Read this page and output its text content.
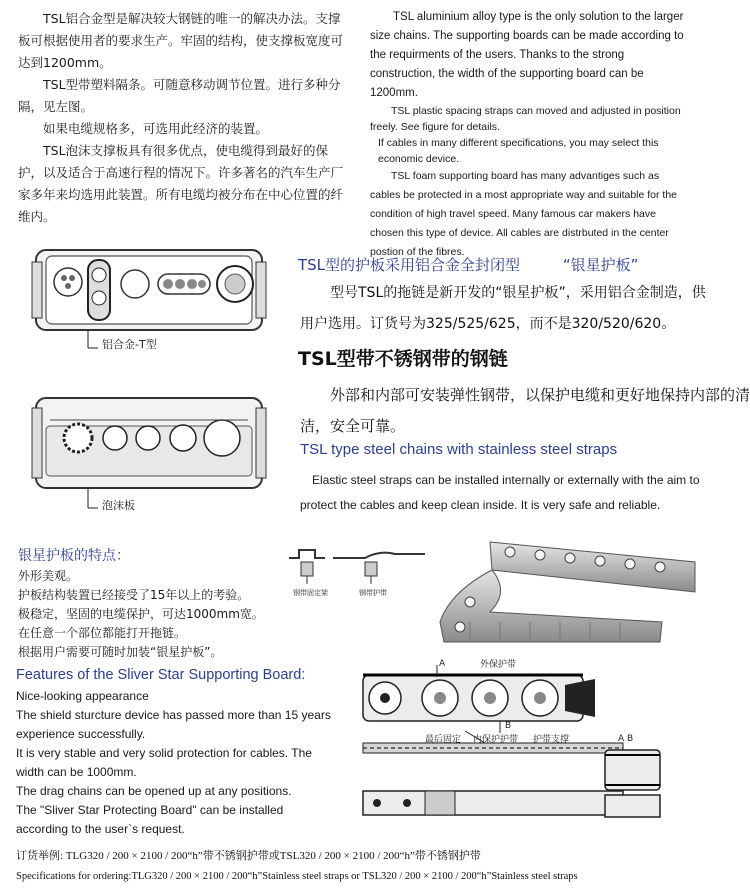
TSL铝合金型是解决较大钢链的唯一的解决办法。支撑板可根据使用者的要求生产。牢固的结构，使支撑板宽度可达到1200mm。

TSL型带塑料隔条。可随意移动调节位置。进行多种分隔，见左图。

如果电缆规格多，可选用此经济的装置。

TSL泡沫支撑板具有很多优点，使电缆得到最好的保护，以及适合于高速行程的情况下。许多著名的汽车生产厂家多年来均选用此装置。所有电缆均被分布在中心位置的纤维内。

TSL aluminium alloy type is the only solution to the larger size chains. The supporting boards can be made according to the requirments of the users. Thanks to the strong construction, the width of the supporting board can be 1200mm.

TSL plastic spacing straps can moved and adjusted in position freely. See figure for details.

If cables in many different specifications, you may select this economic device.

TSL foam supporting board has many advantiges such as cables be protected in a most appropriate way and suitable for the condition of high travel speed. Many famous car makers have chosen this type of device. All cables are distrbuted in the center postion of the fibres.

铝合金-T型
泡沫板
TSL型的护板采用铝合金全封闭型	“银星护板”
型号TSL的拖链是新开发的“银星护板”，采用铝合金制造，供
用户选用。订货号为325/525/625，而不是320/520/620。
TSL型带不锈钢带的钢链
外部和内部可安装弹性钢带，以保护电缆和更好地保持内部的清
洁，安全可靠。
TSL type steel chains with stainless steel straps
Elastic steel straps can be installed internally or externally with the aim to
protect the cables and keep clean inside. It is very safe and reliable.
银星护板的特点：
外形美观。
护板结构装置已经接受了15年以上的考验。
极稳定，坚固的电缆保护，可达1000mm宽。
在任意一个部位都能打开拖链。
根据用户需要可随时加装“银星护板”。
Features of the Sliver Star Supporting Board:
Nice-looking appearance
The shield sturcture device has passed more than 15 years experience successfully.
It is very stable and very solid protection for cables. The width can be 1000mm.
The drag chains can be opened up at any positions.
The "Sliver Star Protecting Board" can be installed according to the user`s request.
钢带固定架	钢带护带
A	外保护带
B
最后固定 内保护护带 护带支撑	A B
订货举例: TLG320 / 200 × 2100 / 200“h”带不锈钢护带或TSL320 / 200 × 2100 / 200“h”带不锈钢护带
Specifications for ordering:TLG320 / 200 × 2100 / 200“h”Stainless steel straps or TSL320 / 200 × 2100 / 200“h”Stainless steel straps
